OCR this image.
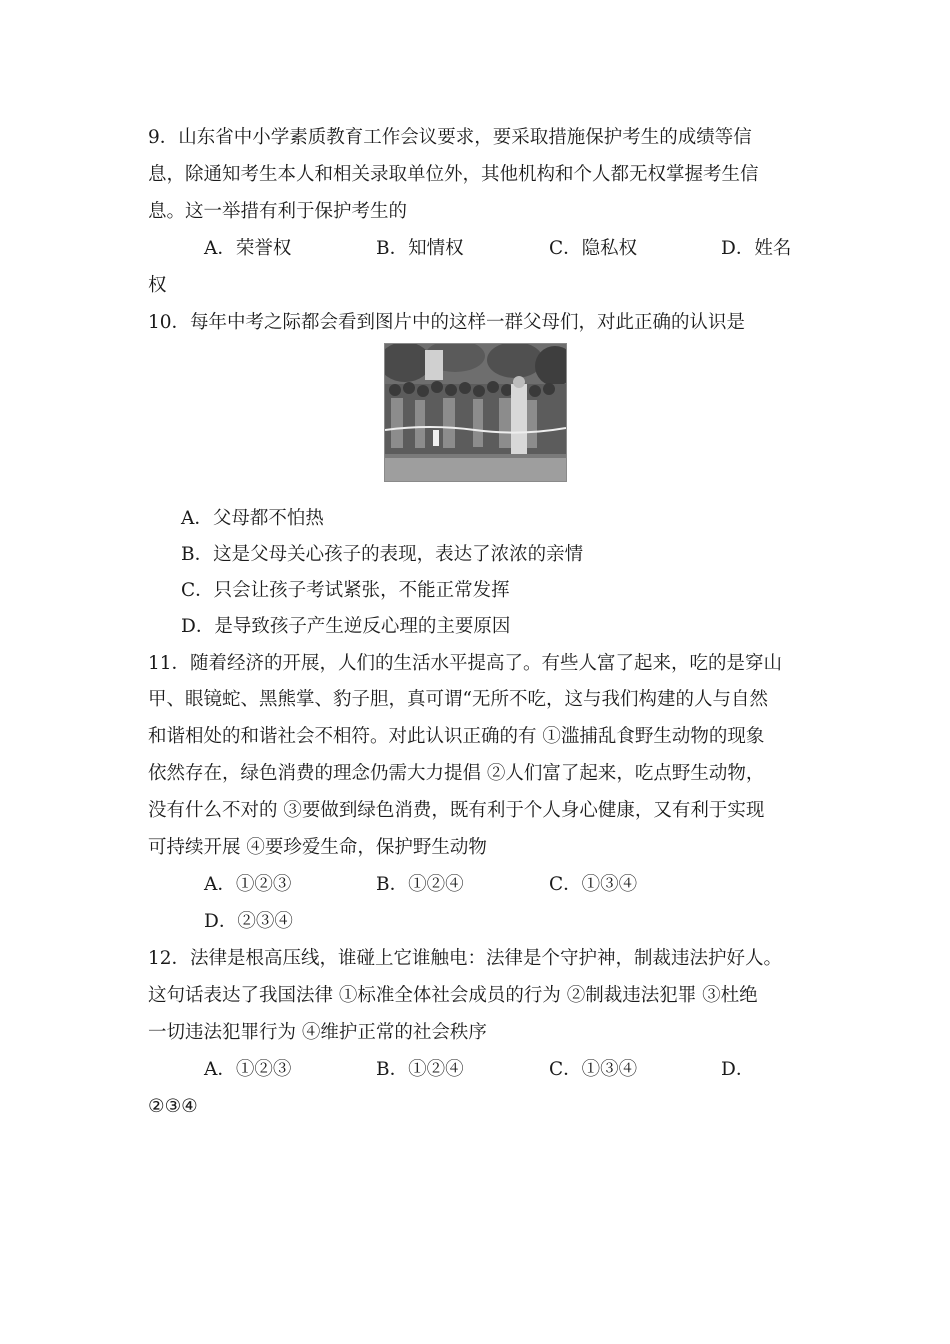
9．山东省中小学素质教育工作会议要求，要采取措施保护考生的成绩等信
息，除通知考生本人和相关录取单位外，其他机构和个人都无权掌握考生信
息。这一举措有利于保护考生的
A．荣誉权	B．知情权	C．隐私权	D．姓名
权
10．每年中考之际都会看到图片中的这样一群父母们，对此正确的认识是
A．父母都不怕热
B．这是父母关心孩子的表现，表达了浓浓的亲情
C．只会让孩子考试紧张，不能正常发挥
D．是导致孩子产生逆反心理的主要原因
11．随着经济的开展，人们的生活水平提高了。有些人富了起来，吃的是穿山
甲、眼镜蛇、黑熊掌、豹子胆，真可谓“无所不吃，这与我们构建的人与自然
和谐相处的和谐社会不相符。对此认识正确的有 ①滥捕乱食野生动物的现象
依然存在，绿色消费的理念仍需大力提倡 ②人们富了起来，吃点野生动物，
没有什么不对的 ③要做到绿色消费，既有利于个人身心健康，又有利于实现
可持续开展 ④要珍爱生命，保护野生动物
A．①②③	B．①②④	C．①③④
D．②③④
12．法律是根高压线，谁碰上它谁触电：法律是个守护神，制裁违法护好人。
这句话表达了我国法律 ①标准全体社会成员的行为 ②制裁违法犯罪 ③杜绝
一切违法犯罪行为 ④维护正常的社会秩序
A．①②③	B．①②④	C．①③④	D．
②③④
